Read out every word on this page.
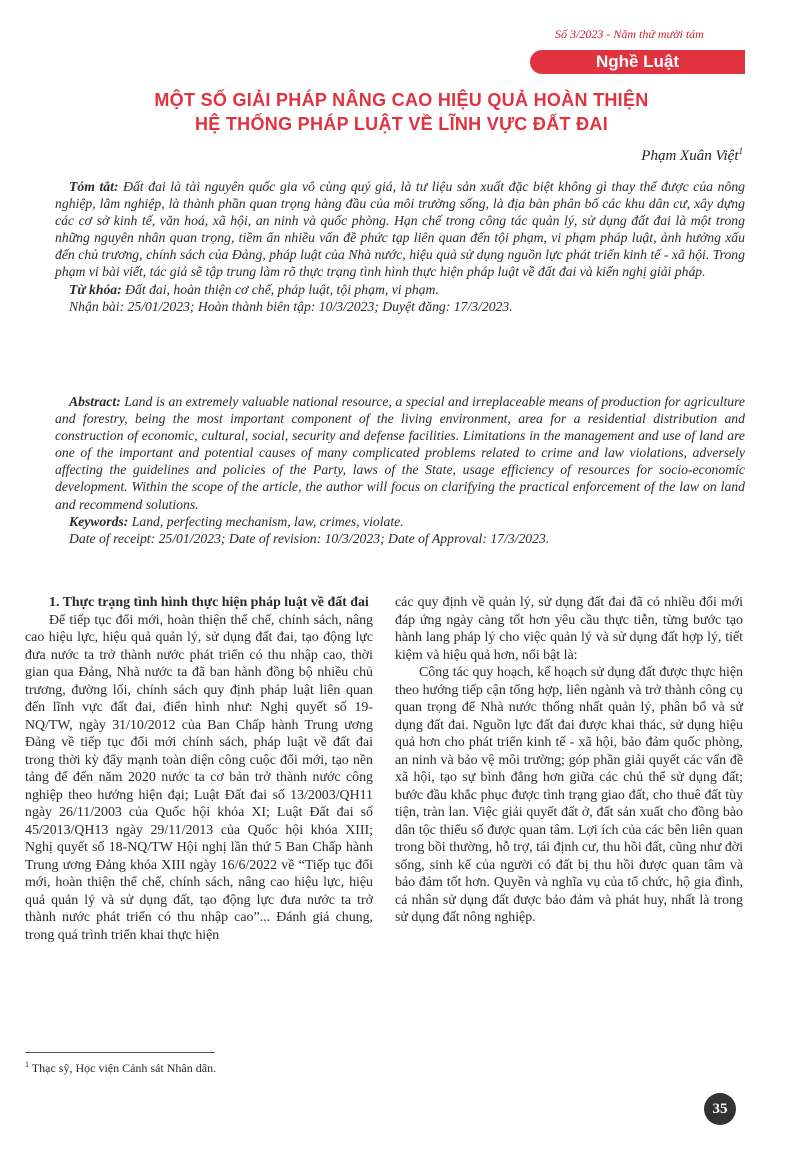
Số 3/2023 - Năm thứ mười tám
Nghề Luật
MỘT SỐ GIẢI PHÁP NÂNG CAO HIỆU QUẢ HOÀN THIỆN
HỆ THỐNG PHÁP LUẬT VỀ LĨNH VỰC ĐẤT ĐAI
Phạm Xuân Việt$^1$

Tóm tắt: Đất đai là tài nguyên quốc gia vô cùng quý giá, là tư liệu sản xuất đặc biệt không gì thay thế được của nông nghiệp, lâm nghiệp, là thành phần quan trọng hàng đầu của môi trường sống, là địa bàn phân bố các khu dân cư, xây dựng các cơ sở kinh tế, văn hoá, xã hội, an ninh và quốc phòng. Hạn chế trong công tác quản lý, sử dụng đất đai là một trong những nguyên nhân quan trọng, tiềm ẩn nhiều vấn đề phức tạp liên quan đến tội phạm, vi phạm pháp luật, ảnh hưởng xấu đến chủ trương, chính sách của Đảng, pháp luật của Nhà nước, hiệu quả sử dụng nguồn lực phát triển kinh tế - xã hội. Trong phạm vi bài viết, tác giả sẽ tập trung làm rõ thực trạng tình hình thực hiện pháp luật về đất đai và kiến nghị giải pháp.

Từ khóa: Đất đai, hoàn thiện cơ chế, pháp luật, tội phạm, vi phạm.

Nhận bài: 25/01/2023; Hoàn thành biên tập: 10/3/2023; Duyệt đăng: 17/3/2023.

Abstract: Land is an extremely valuable national resource, a special and irreplaceable means of production for agriculture and forestry, being the most important component of the living environment, area for a residential distribution and construction of economic, cultural, social, security and defense facilities. Limitations in the management and use of land are one of the important and potential causes of many complicated problems related to crime and law violations, adversely affecting the guidelines and policies of the Party, laws of the State, usage efficiency of resources for socio-economic development. Within the scope of the article, the author will focus on clarifying the practical enforcement of the law on land and recommend solutions.

Keywords: Land, perfecting mechanism, law, crimes, violate.

Date of receipt: 25/01/2023; Date of revision: 10/3/2023; Date of Approval: 17/3/2023.

1. Thực trạng tình hình thực hiện pháp luật về đất đai

Để tiếp tục đổi mới, hoàn thiện thể chế, chính sách, nâng cao hiệu lực, hiệu quả quản lý, sử dụng đất đai, tạo động lực đưa nước ta trở thành nước phát triển có thu nhập cao, thời gian qua Đảng, Nhà nước ta đã ban hành đồng bộ nhiều chủ trương, đường lối, chính sách quy định pháp luật liên quan đến lĩnh vực đất đai, điển hình như: Nghị quyết số 19-NQ/TW, ngày 31/10/2012 của Ban Chấp hành Trung ương Đảng về tiếp tục đổi mới chính sách, pháp luật về đất đai trong thời kỳ đẩy mạnh toàn diện công cuộc đổi mới, tạo nền tảng để đến năm 2020 nước ta cơ bản trở thành nước công nghiệp theo hướng hiện đại; Luật Đất đai số 13/2003/QH11 ngày 26/11/2003 của Quốc hội khóa XI; Luật Đất đai số 45/2013/QH13 ngày 29/11/2013 của Quốc hội khóa XIII; Nghị quyết số 18-NQ/TW Hội nghị lần thứ 5 Ban Chấp hành Trung ương Đảng khóa XIII ngày 16/6/2022 về “Tiếp tục đổi mới, hoàn thiện thể chế, chính sách, nâng cao hiệu lực, hiệu quả quản lý và sử dụng đất, tạo động lực đưa nước ta trở thành nước phát triển có thu nhập cao”... Đánh giá chung, trong quá trình triển khai thực hiện

các quy định về quản lý, sử dụng đất đai đã có nhiều đổi mới đáp ứng ngày càng tốt hơn yêu cầu thực tiễn, từng bước tạo hành lang pháp lý cho việc quản lý và sử dụng đất hợp lý, tiết kiệm và hiệu quả hơn, nổi bật là:

Công tác quy hoạch, kế hoạch sử dụng đất được thực hiện theo hướng tiếp cận tổng hợp, liên ngành và trở thành công cụ quan trọng để Nhà nước thống nhất quản lý, phân bổ và sử dụng đất đai. Nguồn lực đất đai được khai thác, sử dụng hiệu quả hơn cho phát triển kinh tế - xã hội, bảo đảm quốc phòng, an ninh và bảo vệ môi trường; góp phần giải quyết các vấn đề xã hội, tạo sự bình đẳng hơn giữa các chủ thể sử dụng đất; bước đầu khắc phục được tình trạng giao đất, cho thuê đất tùy tiện, tràn lan. Việc giải quyết đất ở, đất sản xuất cho đồng bào dân tộc thiểu số được quan tâm. Lợi ích của các bên liên quan trong bồi thường, hỗ trợ, tái định cư, thu hồi đất, cũng như đời sống, sinh kế của người có đất bị thu hồi được quan tâm và bảo đảm tốt hơn. Quyền và nghĩa vụ của tổ chức, hộ gia đình, cá nhân sử dụng đất được bảo đảm và phát huy, nhất là trong sử dụng đất nông nghiệp.

$^1$ Thạc sỹ, Học viện Cảnh sát Nhân dân.
35
